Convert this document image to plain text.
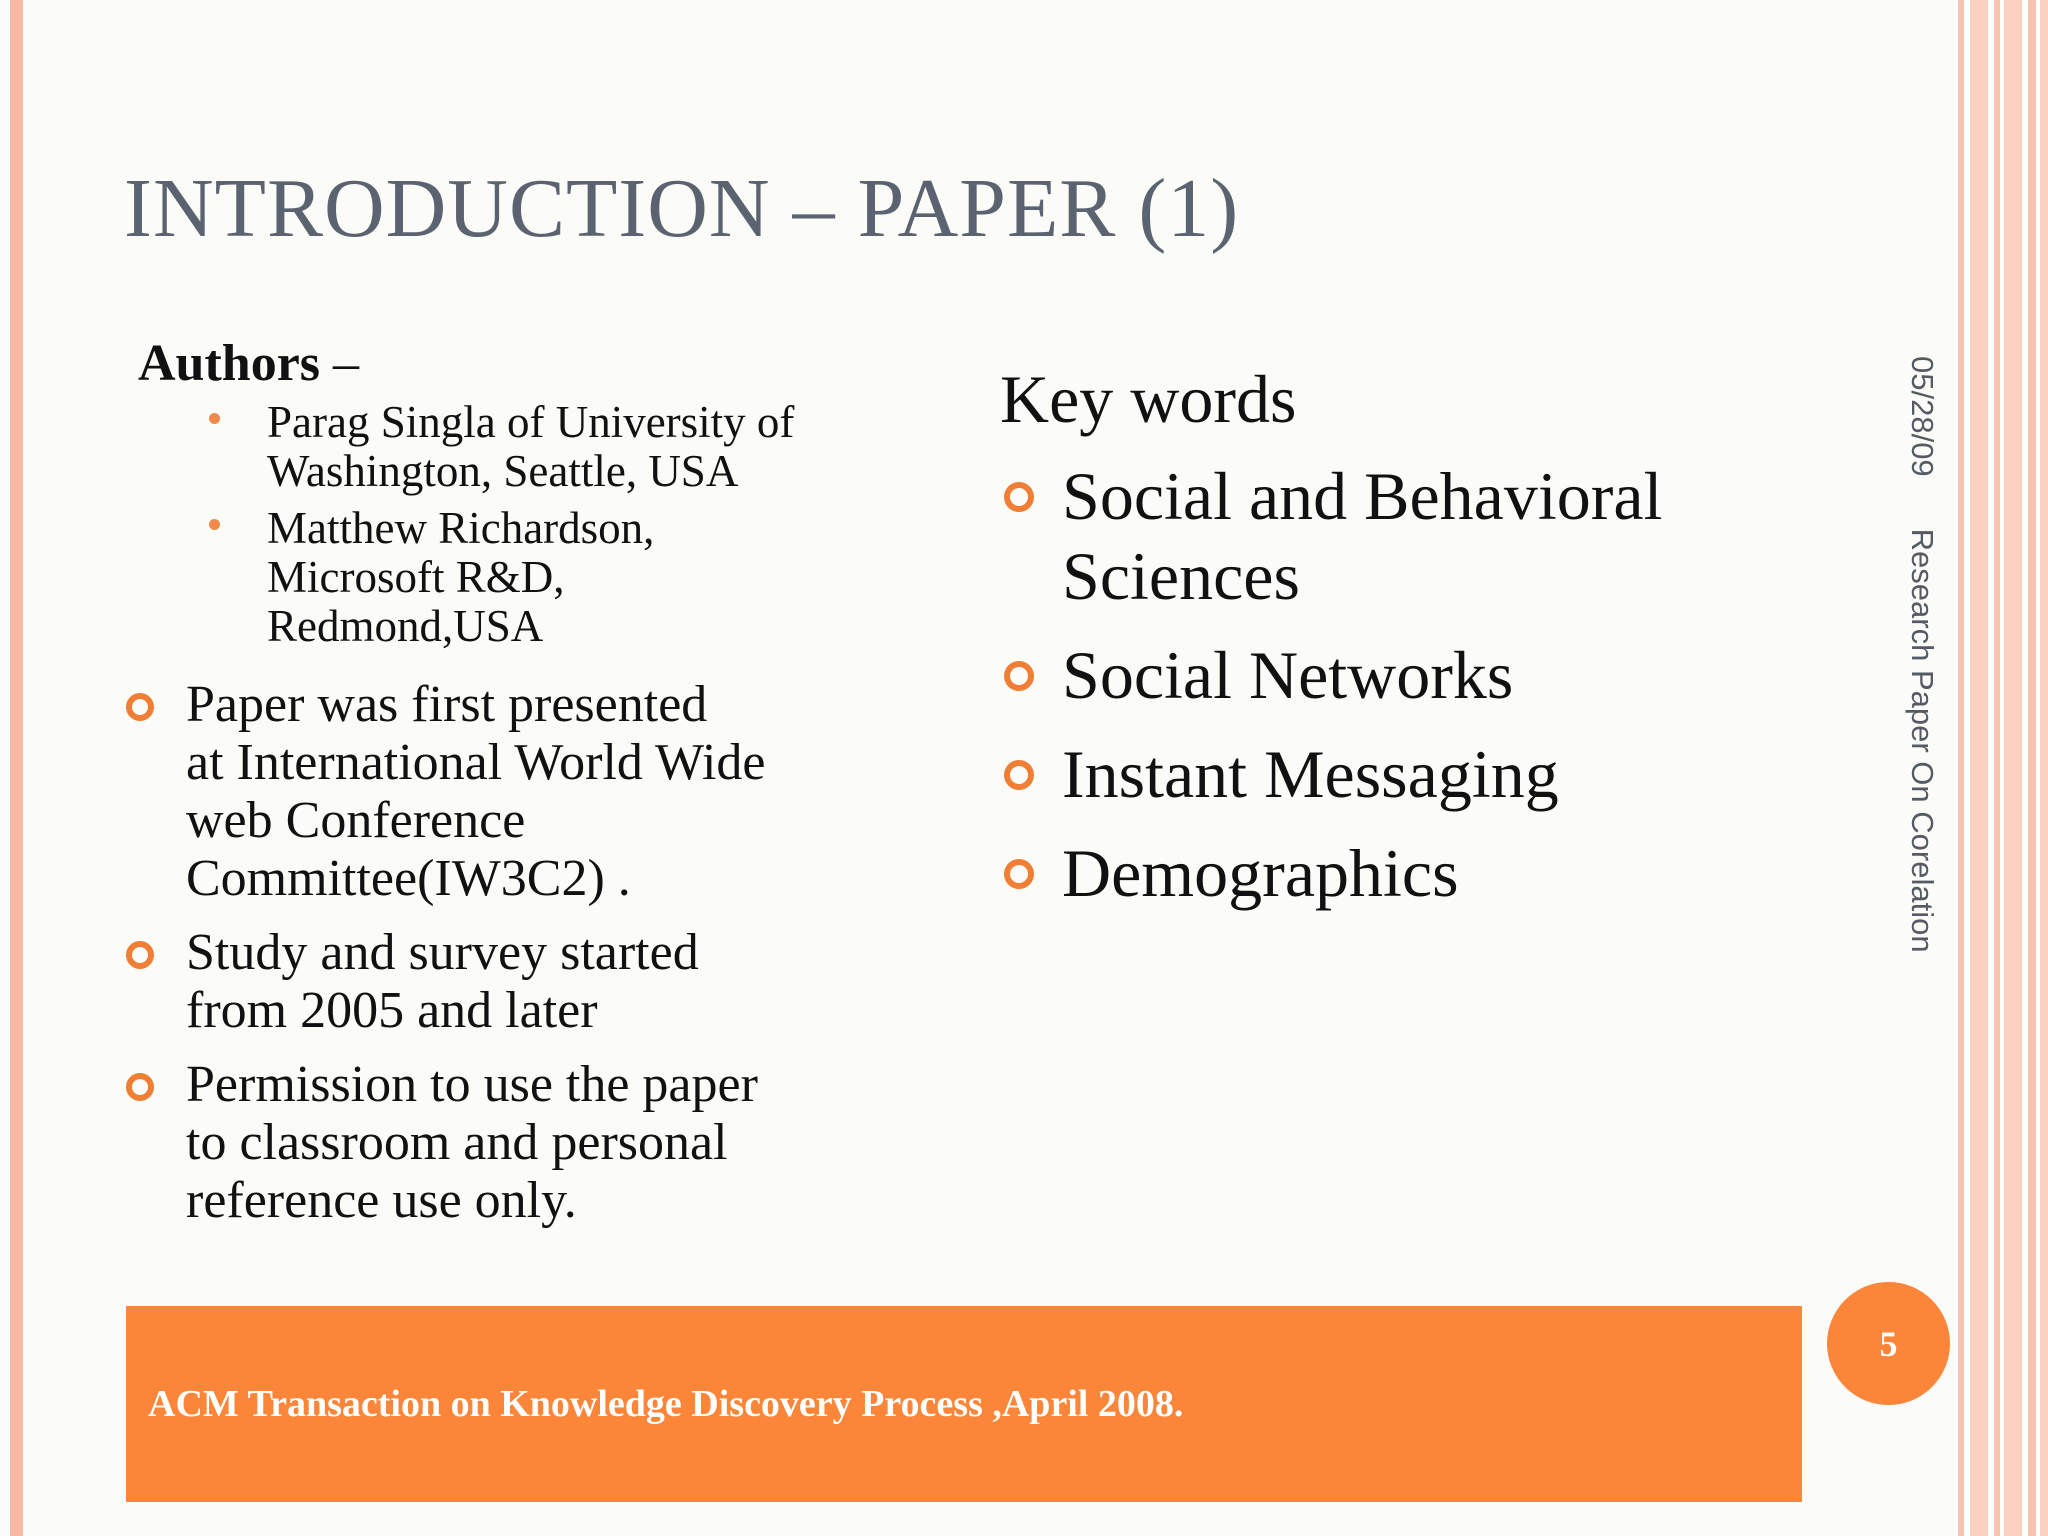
INTRODUCTION – PAPER (1)
Authors –
Parag Singla of University of
Washington, Seattle, USA
Matthew Richardson,
Microsoft R&D,
Redmond,USA
Paper was first presented
at International World Wide
web Conference
Committee(IW3C2) .
Study and survey started
from 2005 and later
Permission to use the paper
to classroom and personal
reference use only.
Key words
Social and Behavioral
Sciences
Social Networks
Instant Messaging
Demographics
05/28/09Research Paper On Corelation
ACM Transaction on Knowledge Discovery Process ,April 2008.
5
